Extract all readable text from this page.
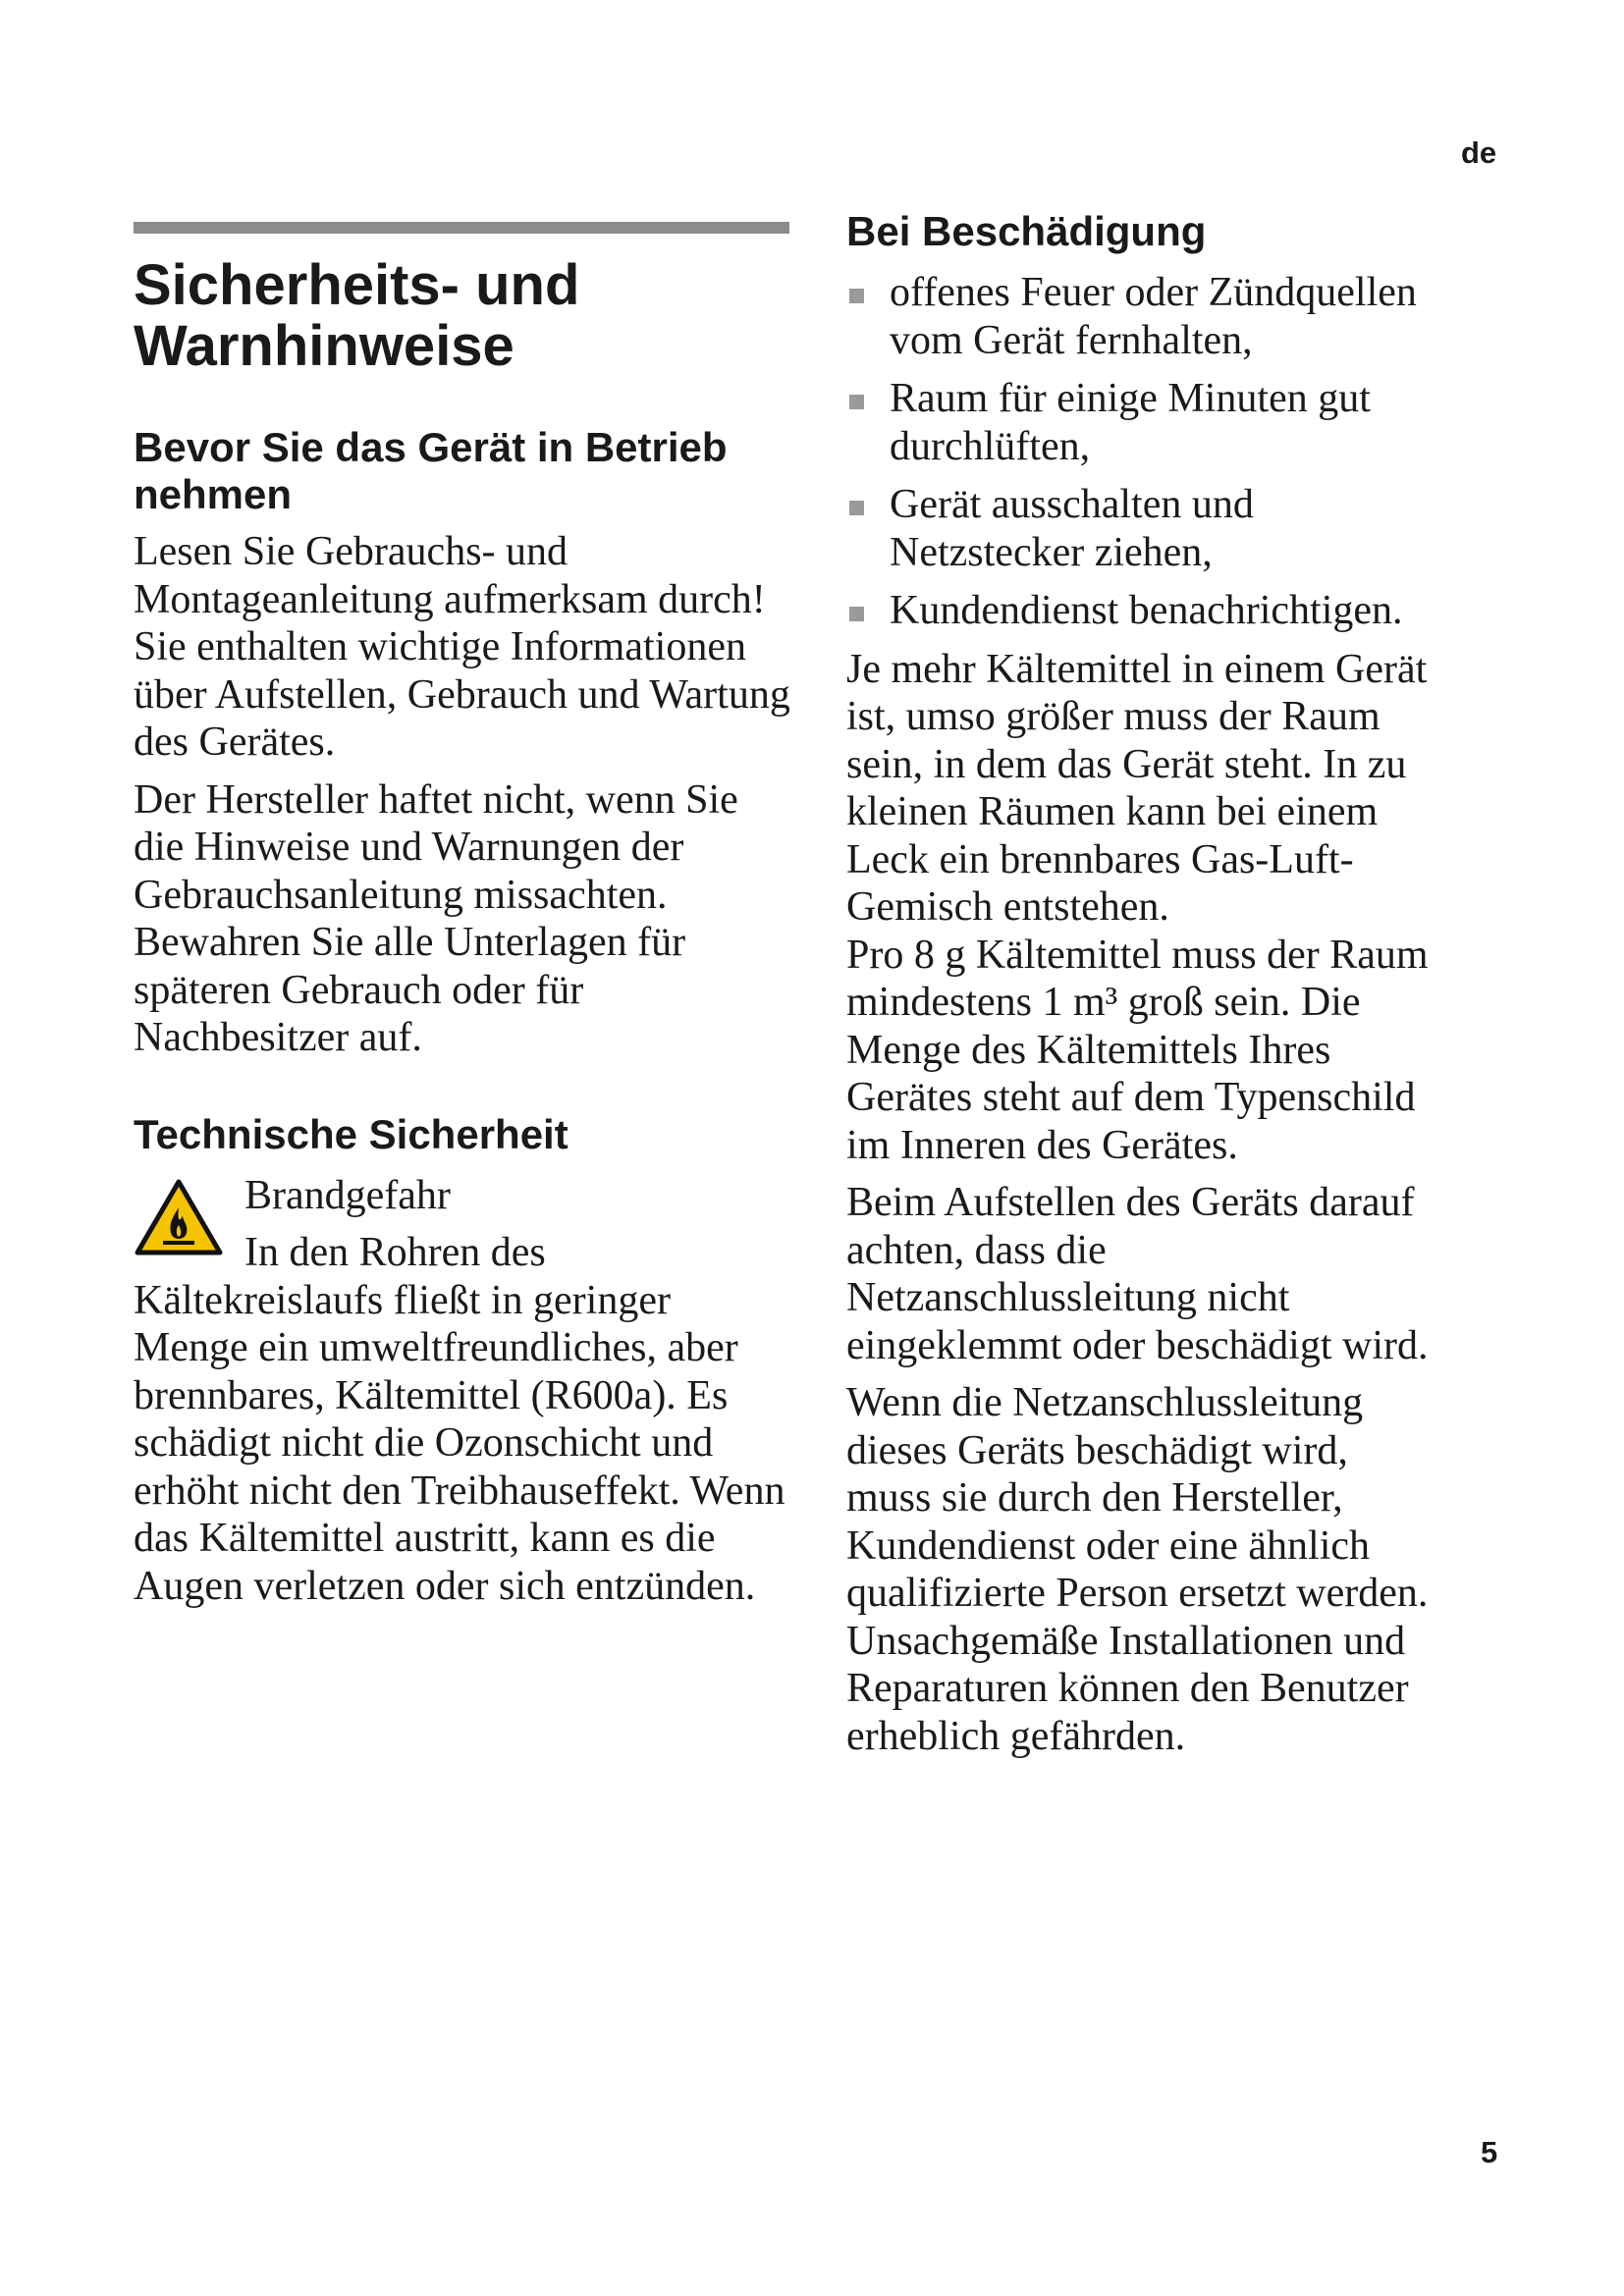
de
Sicherheits- und Warnhinweise
Bevor Sie das Gerät in Betrieb nehmen

Lesen Sie Gebrauchs- und Montageanleitung aufmerksam durch! Sie enthalten wichtige Informationen über Aufstellen, Gebrauch und Wartung des Gerätes.

Der Hersteller haftet nicht, wenn Sie die Hinweise und Warnungen der Gebrauchsanleitung missachten. Bewahren Sie alle Unterlagen für späteren Gebrauch oder für Nachbesitzer auf.

Technische Sicherheit

Brandgefahr

In den Rohren des

Kältekreislaufs fließt in geringer Menge ein umweltfreundliches, aber brennbares, Kältemittel (R600a). Es schädigt nicht die Ozonschicht und erhöht nicht den Treibhauseffekt. Wenn das Kältemittel austritt, kann es die Augen verletzen oder sich entzünden.

Bei Beschädigung
offenes Feuer oder Zündquellen vom Gerät fernhalten,
Raum für einige Minuten gut durchlüften,
Gerät ausschalten und Netzstecker ziehen,
Kundendienst benachrichtigen.

Je mehr Kältemittel in einem Gerät ist, umso größer muss der Raum sein, in dem das Gerät steht. In zu kleinen Räumen kann bei einem Leck ein brennbares Gas-Luft-Gemisch entstehen.

Pro 8 g Kältemittel muss der Raum mindestens 1 m³ groß sein. Die Menge des Kältemittels Ihres Gerätes steht auf dem Typenschild im Inneren des Gerätes.

Beim Aufstellen des Geräts darauf achten, dass die Netzanschlussleitung nicht eingeklemmt oder beschädigt wird.

Wenn die Netzanschlussleitung dieses Geräts beschädigt wird, muss sie durch den Hersteller, Kundendienst oder eine ähnlich qualifizierte Person ersetzt werden. Unsachgemäße Installationen und Reparaturen können den Benutzer erheblich gefährden.

5
